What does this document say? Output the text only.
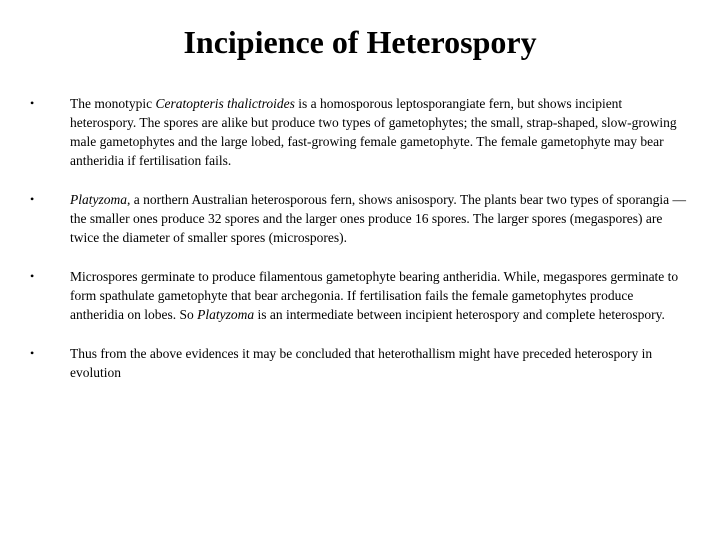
Incipience of Heterospory
•	The monotypic Ceratopteris thalictroides is a homosporous leptosporangiate fern, but shows incipient heterospory. The spores are alike but produce two types of gametophytes; the small, strap-shaped, slow-growing male gametophytes and the large lobed, fast-growing female gametophyte. The female gametophyte may bear antheridia if fertilisation fails.
•	Platyzoma, a northern Australian heterosporous fern, shows anisospory. The plants bear two types of sporangia — the smaller ones produce 32 spores and the larger ones produce 16 spores. The larger spores (megaspores) are twice the diameter of smaller spores (microspores).
•	Microspores germinate to produce filamentous gametophyte bearing antheridia. While, megaspores germinate to form spathulate gametophyte that bear archegonia. If fertilisation fails the female gametophytes produce antheridia on lobes. So Platyzoma is an intermediate between incipient heterospory and complete heterospory.
•	Thus from the above evidences it may be concluded that heterothallism might have preceded heterospory in evolution
